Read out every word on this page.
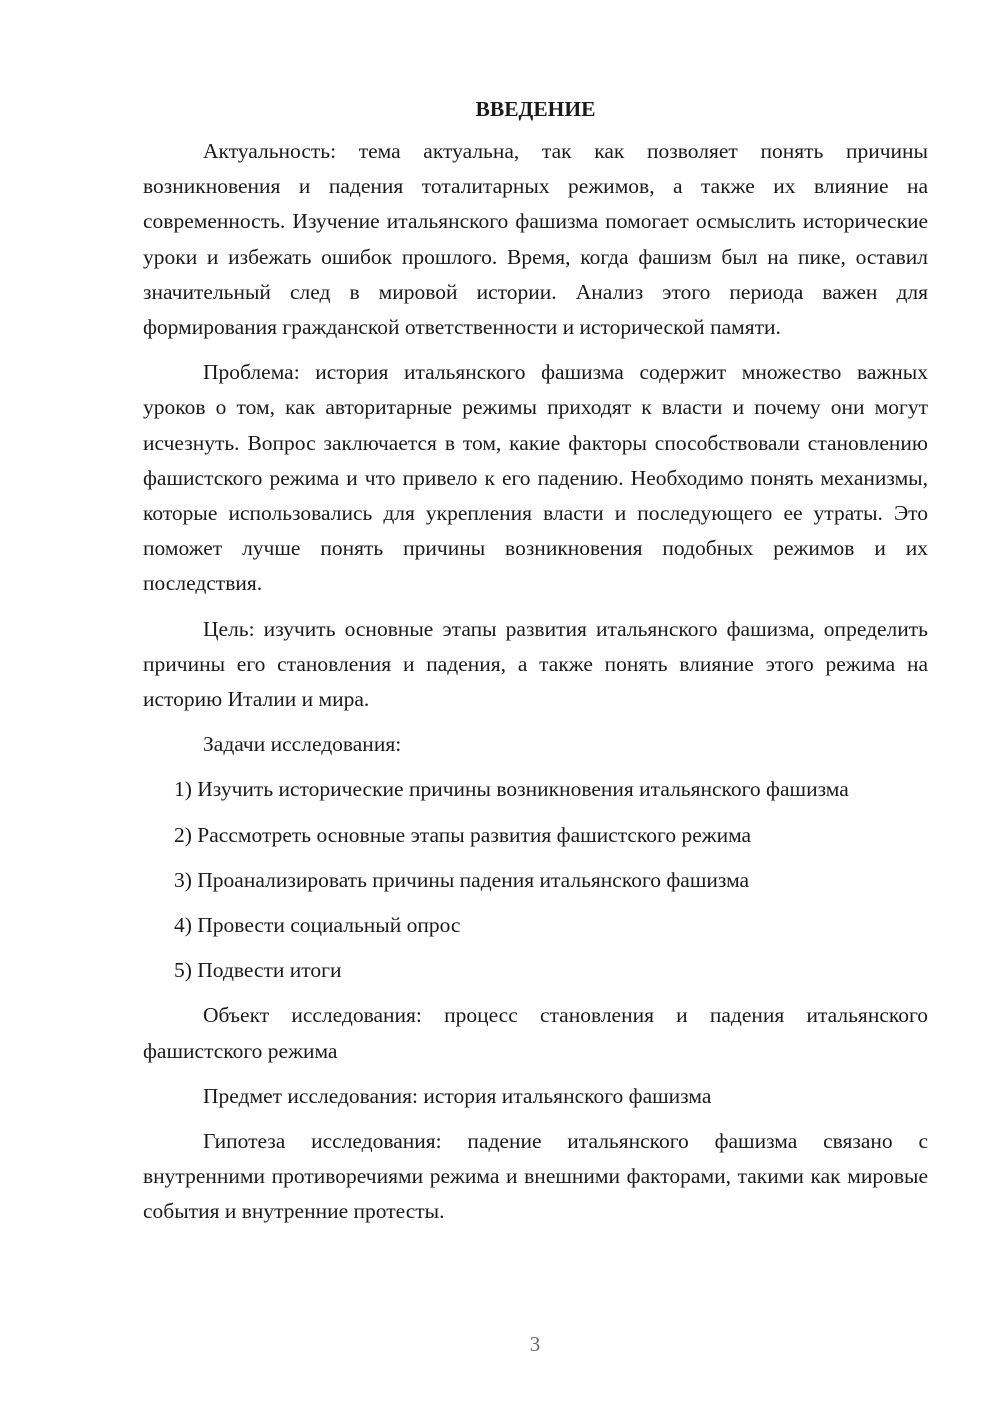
ВВЕДЕНИЕ

Актуальность: тема актуальна, так как позволяет понять причины возникновения и падения тоталитарных режимов, а также их влияние на современность. Изучение итальянского фашизма помогает осмыслить исторические уроки и избежать ошибок прошлого. Время, когда фашизм был на пике, оставил значительный след в мировой истории. Анализ этого периода важен для формирования гражданской ответственности и исторической памяти.

Проблема: история итальянского фашизма содержит множество важных уроков о том, как авторитарные режимы приходят к власти и почему они могут исчезнуть. Вопрос заключается в том, какие факторы способствовали становлению фашистского режима и что привело к его падению. Необходимо понять механизмы, которые использовались для укрепления власти и последующего ее утраты. Это поможет лучше понять причины возникновения подобных режимов и их последствия.

Цель: изучить основные этапы развития итальянского фашизма, определить причины его становления и падения, а также понять влияние этого режима на историю Италии и мира.

Задачи исследования:

1) Изучить исторические причины возникновения итальянского фашизма

2) Рассмотреть основные этапы развития фашистского режима

3) Проанализировать причины падения итальянского фашизма

4) Провести социальный опрос

5) Подвести итоги

Объект исследования: процесс становления и падения итальянского фашистского режима

Предмет исследования: история итальянского фашизма

Гипотеза исследования: падение итальянского фашизма связано с внутренними противоречиями режима и внешними факторами, такими как мировые события и внутренние протесты.

3
